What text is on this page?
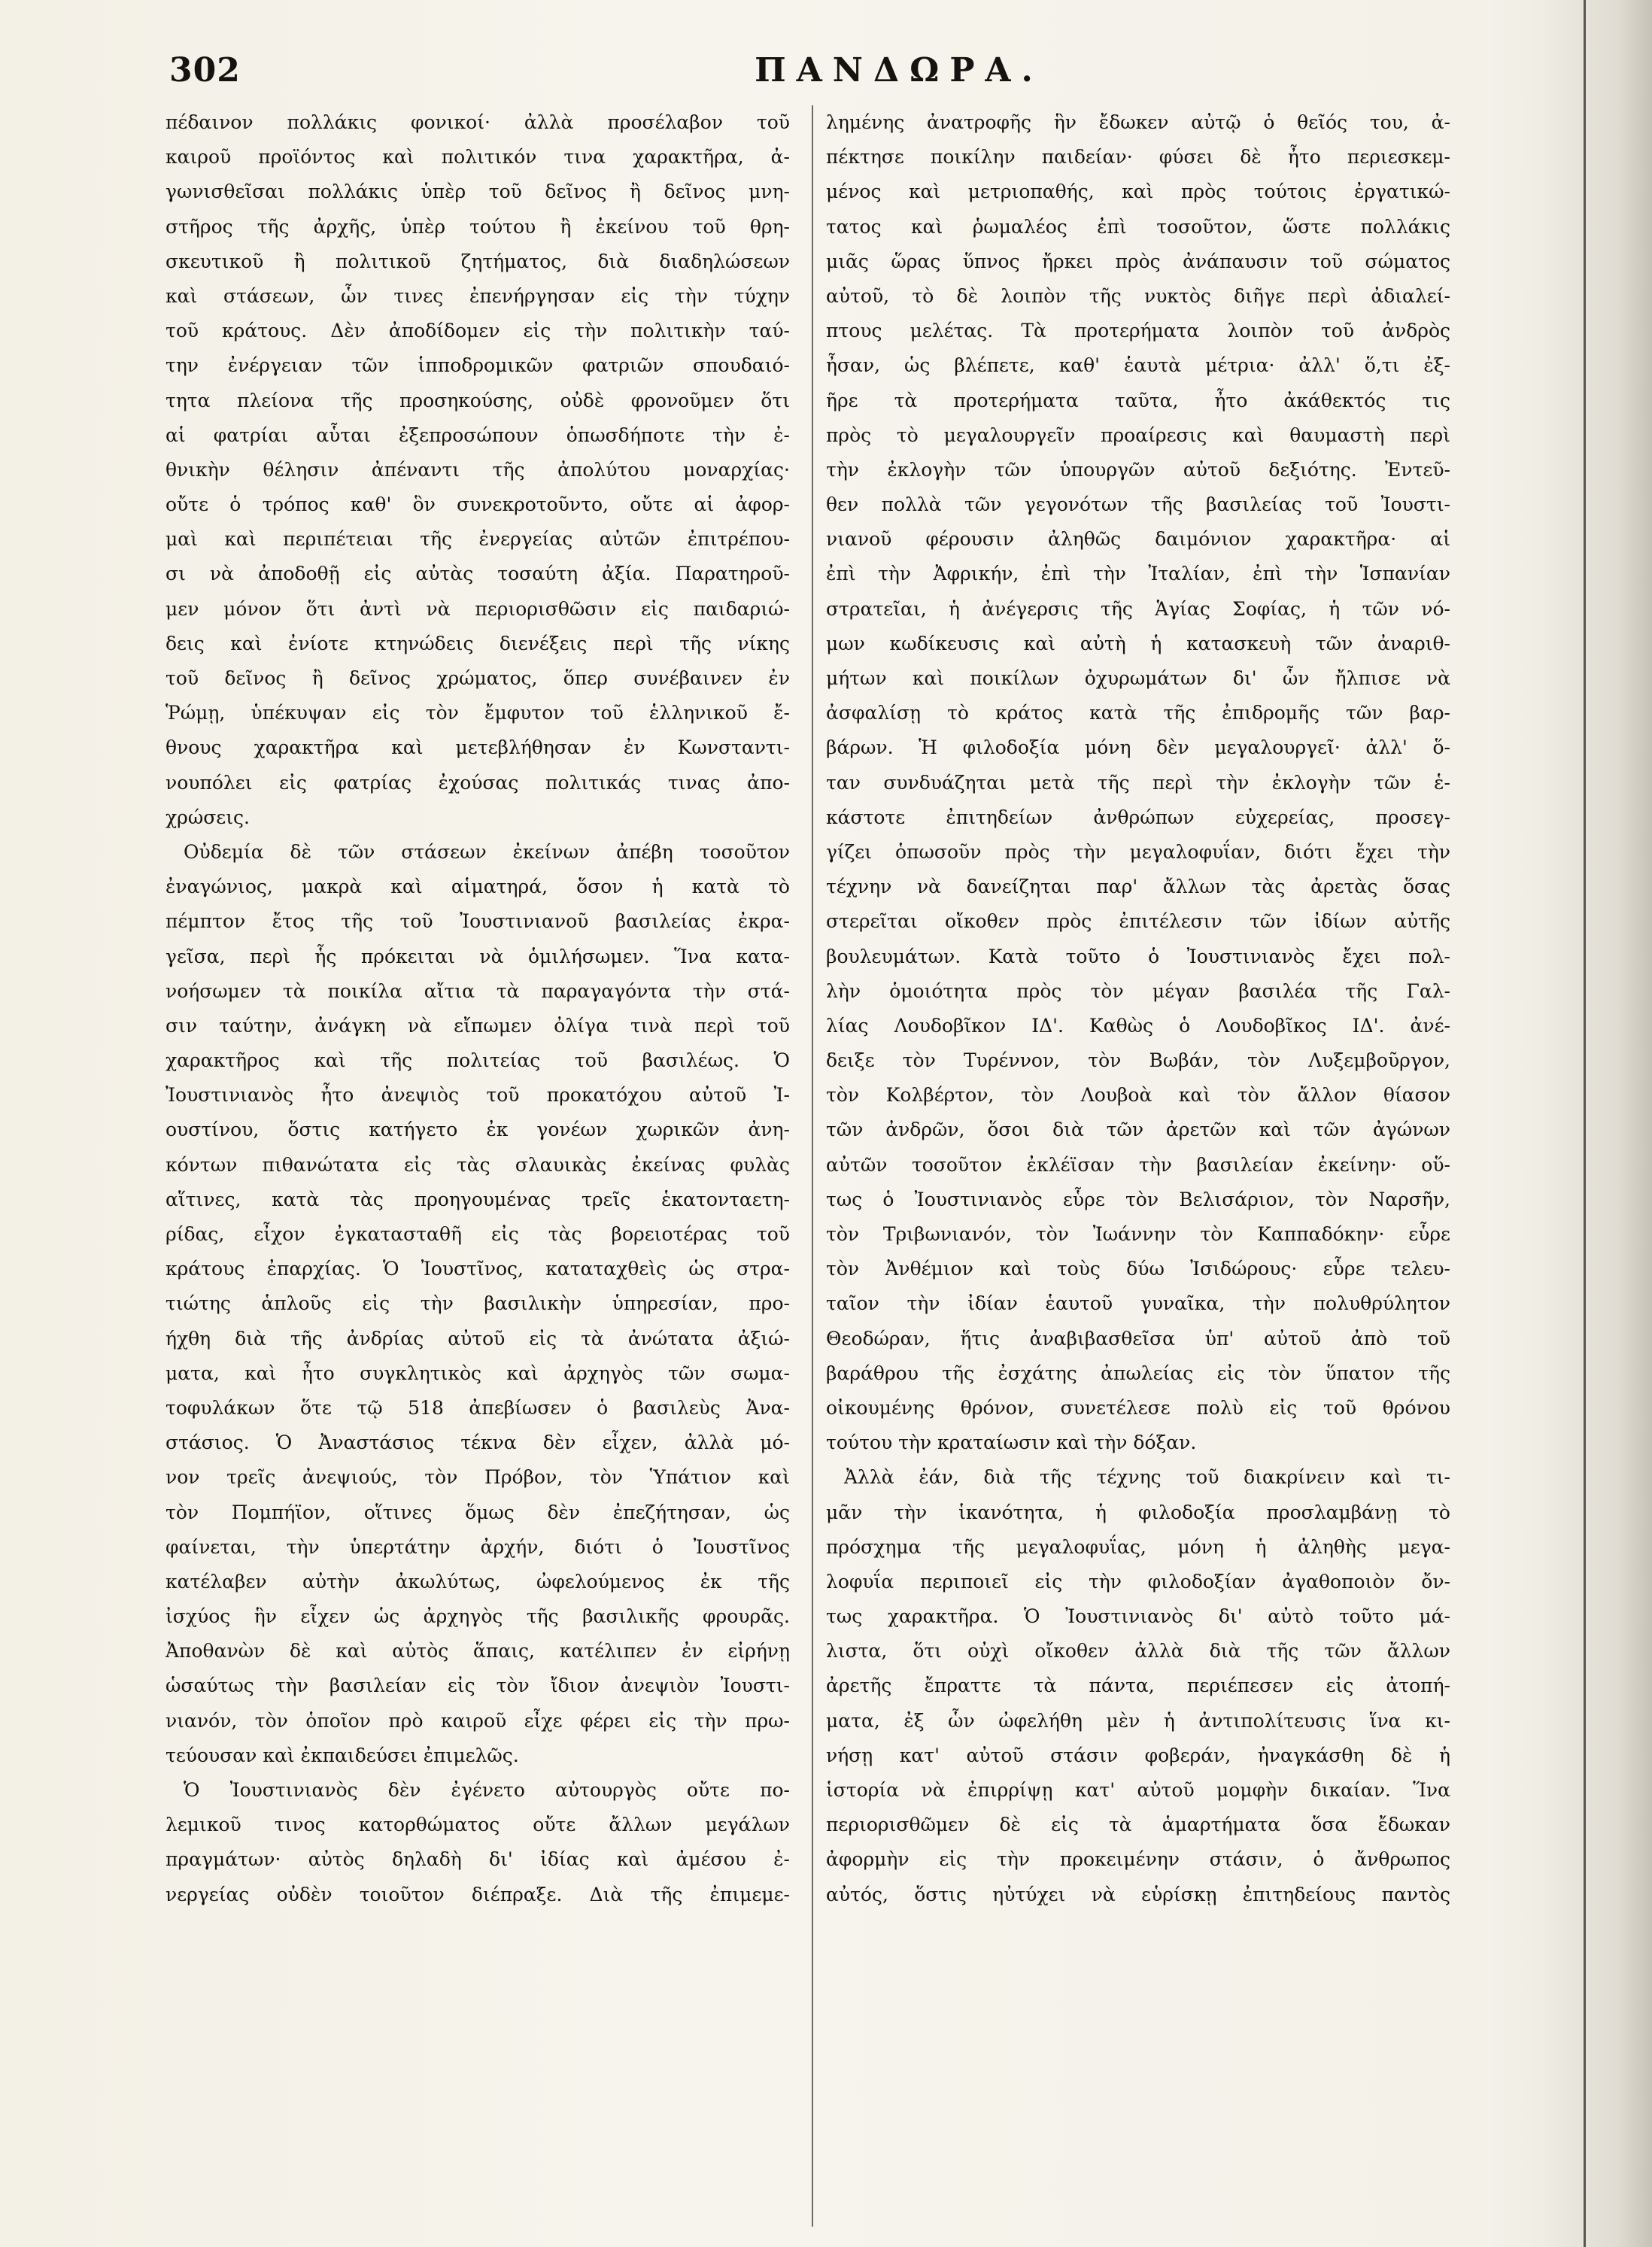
302	ΠΑΝΔΩΡΑ.
πέδαινον πολλάκις φονικοί· ἀλλὰ προσέλαβον τοῦ
καιροῦ προϊόντος καὶ πολιτικόν τινα χαρακτῆρα, ἀ-
γωνισθεῖσαι πολλάκις ὑπὲρ τοῦ δεῖνος ἢ δεῖνος μνη-
στῆρος τῆς ἀρχῆς, ὑπὲρ τούτου ἢ ἐκείνου τοῦ θρη-
σκευτικοῦ ἢ πολιτικοῦ ζητήματος, διὰ διαδηλώσεων
καὶ στάσεων, ὧν τινες ἐπενήργησαν εἰς τὴν τύχην
τοῦ κράτους. Δὲν ἀποδίδομεν εἰς τὴν πολιτικὴν ταύ-
την ἐνέργειαν τῶν ἱπποδρομικῶν φατριῶν σπουδαιό-
τητα πλείονα τῆς προσηκούσης, οὐδὲ φρονοῦμεν ὅτι
αἱ φατρίαι αὗται ἐξεπροσώπουν ὁπωσδήποτε τὴν ἐ-
θνικὴν θέλησιν ἀπέναντι τῆς ἀπολύτου μοναρχίας·
οὔτε ὁ τρόπος καθ' ὃν συνεκροτοῦντο, οὔτε αἱ ἀφορ-
μαὶ καὶ περιπέτειαι τῆς ἐνεργείας αὐτῶν ἐπιτρέπου-
σι νὰ ἀποδοθῇ εἰς αὐτὰς τοσαύτη ἀξία. Παρατηροῦ-
μεν μόνον ὅτι ἀντὶ νὰ περιορισθῶσιν εἰς παιδαριώ-
δεις καὶ ἐνίοτε κτηνώδεις διενέξεις περὶ τῆς νίκης
τοῦ δεῖνος ἢ δεῖνος χρώματος, ὅπερ συνέβαινεν ἐν
Ῥώμῃ, ὑπέκυψαν εἰς τὸν ἔμφυτον τοῦ ἑλληνικοῦ ἔ-
θνους χαρακτῆρα καὶ μετεβλήθησαν ἐν Κωνσταντι-
νουπόλει εἰς φατρίας ἐχούσας πολιτικάς τινας ἀπο-
χρώσεις.
Οὐδεμία δὲ τῶν στάσεων ἐκείνων ἀπέβη τοσοῦτον
ἐναγώνιος, μακρὰ καὶ αἱματηρά, ὅσον ἡ κατὰ τὸ
πέμπτον ἔτος τῆς τοῦ Ἰουστινιανοῦ βασιλείας ἐκρα-
γεῖσα, περὶ ἧς πρόκειται νὰ ὁμιλήσωμεν. Ἵνα κατα-
νοήσωμεν τὰ ποικίλα αἴτια τὰ παραγαγόντα τὴν στά-
σιν ταύτην, ἀνάγκη νὰ εἴπωμεν ὀλίγα τινὰ περὶ τοῦ
χαρακτῆρος καὶ τῆς πολιτείας τοῦ βασιλέως. Ὁ
Ἰουστινιανὸς ἦτο ἀνεψιὸς τοῦ προκατόχου αὐτοῦ Ἰ-
ουστίνου, ὅστις κατήγετο ἐκ γονέων χωρικῶν ἀνη-
κόντων πιθανώτατα εἰς τὰς σλαυικὰς ἐκείνας φυλὰς
αἵτινες, κατὰ τὰς προηγουμένας τρεῖς ἑκατονταετη-
ρίδας, εἶχον ἐγκατασταθῆ εἰς τὰς βορειοτέρας τοῦ
κράτους ἐπαρχίας. Ὁ Ἰουστῖνος, καταταχθεὶς ὡς στρα-
τιώτης ἁπλοῦς εἰς τὴν βασιλικὴν ὑπηρεσίαν, προ-
ήχθη διὰ τῆς ἀνδρίας αὐτοῦ εἰς τὰ ἀνώτατα ἀξιώ-
ματα, καὶ ἦτο συγκλητικὸς καὶ ἀρχηγὸς τῶν σωμα-
τοφυλάκων ὅτε τῷ 518 ἀπεβίωσεν ὁ βασιλεὺς Ἀνα-
στάσιος. Ὁ Ἀναστάσιος τέκνα δὲν εἶχεν, ἀλλὰ μό-
νον τρεῖς ἀνεψιούς, τὸν Πρόβον, τὸν Ὑπάτιον καὶ
τὸν Πομπήϊον, οἵτινες ὅμως δὲν ἐπεζήτησαν, ὡς
φαίνεται, τὴν ὑπερτάτην ἀρχήν, διότι ὁ Ἰουστῖνος
κατέλαβεν αὐτὴν ἀκωλύτως, ὠφελούμενος ἐκ τῆς
ἰσχύος ἣν εἶχεν ὡς ἀρχηγὸς τῆς βασιλικῆς φρουρᾶς.
Ἀποθανὼν δὲ καὶ αὐτὸς ἅπαις, κατέλιπεν ἐν εἰρήνῃ
ὡσαύτως τὴν βασιλείαν εἰς τὸν ἴδιον ἀνεψιὸν Ἰουστι-
νιανόν, τὸν ὁποῖον πρὸ καιροῦ εἶχε φέρει εἰς τὴν πρω-
τεύουσαν καὶ ἐκπαιδεύσει ἐπιμελῶς.
Ὁ Ἰουστινιανὸς δὲν ἐγένετο αὐτουργὸς οὔτε πο-
λεμικοῦ τινος κατορθώματος οὔτε ἄλλων μεγάλων
πραγμάτων· αὐτὸς δηλαδὴ δι' ἰδίας καὶ ἀμέσου ἐ-
νεργείας οὐδὲν τοιοῦτον διέπραξε. Διὰ τῆς ἐπιμεμε-
λημένης ἀνατροφῆς ἣν ἔδωκεν αὐτῷ ὁ θεῖός του, ἀ-
πέκτησε ποικίλην παιδείαν· φύσει δὲ ἦτο περιεσκεμ-
μένος καὶ μετριοπαθής, καὶ πρὸς τούτοις ἐργατικώ-
τατος καὶ ῥωμαλέος ἐπὶ τοσοῦτον, ὥστε πολλάκις
μιᾶς ὥρας ὕπνος ἤρκει πρὸς ἀνάπαυσιν τοῦ σώματος
αὐτοῦ, τὸ δὲ λοιπὸν τῆς νυκτὸς διῆγε περὶ ἀδιαλεί-
πτους μελέτας. Τὰ προτερήματα λοιπὸν τοῦ ἀνδρὸς
ἦσαν, ὡς βλέπετε, καθ' ἑαυτὰ μέτρια· ἀλλ' ὅ,τι ἐξ-
ῆρε τὰ προτερήματα ταῦτα, ἦτο ἀκάθεκτός τις
πρὸς τὸ μεγαλουργεῖν προαίρεσις καὶ θαυμαστὴ περὶ
τὴν ἐκλογὴν τῶν ὑπουργῶν αὐτοῦ δεξιότης. Ἐντεῦ-
θεν πολλὰ τῶν γεγονότων τῆς βασιλείας τοῦ Ἰουστι-
νιανοῦ φέρουσιν ἀληθῶς δαιμόνιον χαρακτῆρα· αἱ
ἐπὶ τὴν Ἀφρικήν, ἐπὶ τὴν Ἰταλίαν, ἐπὶ τὴν Ἱσπανίαν
στρατεῖαι, ἡ ἀνέγερσις τῆς Ἁγίας Σοφίας, ἡ τῶν νό-
μων κωδίκευσις καὶ αὐτὴ ἡ κατασκευὴ τῶν ἀναριθ-
μήτων καὶ ποικίλων ὀχυρωμάτων δι' ὧν ἤλπισε νὰ
ἀσφαλίσῃ τὸ κράτος κατὰ τῆς ἐπιδρομῆς τῶν βαρ-
βάρων. Ἡ φιλοδοξία μόνη δὲν μεγαλουργεῖ· ἀλλ' ὅ-
ταν συνδυάζηται μετὰ τῆς περὶ τὴν ἐκλογὴν τῶν ἑ-
κάστοτε ἐπιτηδείων ἀνθρώπων εὐχερείας, προσεγ-
γίζει ὁπωσοῦν πρὸς τὴν μεγαλοφυΐαν, διότι ἔχει τὴν
τέχνην νὰ δανείζηται παρ' ἄλλων τὰς ἀρετὰς ὅσας
στερεῖται οἴκοθεν πρὸς ἐπιτέλεσιν τῶν ἰδίων αὐτῆς
βουλευμάτων. Κατὰ τοῦτο ὁ Ἰουστινιανὸς ἔχει πολ-
λὴν ὁμοιότητα πρὸς τὸν μέγαν βασιλέα τῆς Γαλ-
λίας Λουδοβῖκον ΙΔ'. Καθὼς ὁ Λουδοβῖκος ΙΔ'. ἀνέ-
δειξε τὸν Τυρέννον, τὸν Βωβάν, τὸν Λυξεμβοῦργον,
τὸν Κολβέρτον, τὸν Λουβοὰ καὶ τὸν ἄλλον θίασον
τῶν ἀνδρῶν, ὅσοι διὰ τῶν ἀρετῶν καὶ τῶν ἀγώνων
αὐτῶν τοσοῦτον ἐκλέϊσαν τὴν βασιλείαν ἐκείνην· οὕ-
τως ὁ Ἰουστινιανὸς εὗρε τὸν Βελισάριον, τὸν Ναρσῆν,
τὸν Τριβωνιανόν, τὸν Ἰωάννην τὸν Καππαδόκην· εὗρε
τὸν Ἀνθέμιον καὶ τοὺς δύω Ἰσιδώρους· εὗρε τελευ-
ταῖον τὴν ἰδίαν ἑαυτοῦ γυναῖκα, τὴν πολυθρύλητον
Θεοδώραν, ἥτις ἀναβιβασθεῖσα ὑπ' αὐτοῦ ἀπὸ τοῦ
βαράθρου τῆς ἐσχάτης ἀπωλείας εἰς τὸν ὕπατον τῆς
οἰκουμένης θρόνον, συνετέλεσε πολὺ εἰς τοῦ θρόνου
τούτου τὴν κραταίωσιν καὶ τὴν δόξαν.
Ἀλλὰ ἐάν, διὰ τῆς τέχνης τοῦ διακρίνειν καὶ τι-
μᾶν τὴν ἱκανότητα, ἡ φιλοδοξία προσλαμβάνῃ τὸ
πρόσχημα τῆς μεγαλοφυΐας, μόνη ἡ ἀληθὴς μεγα-
λοφυΐα περιποιεῖ εἰς τὴν φιλοδοξίαν ἀγαθοποιὸν ὄν-
τως χαρακτῆρα. Ὁ Ἰουστινιανὸς δι' αὐτὸ τοῦτο μά-
λιστα, ὅτι οὐχὶ οἴκοθεν ἀλλὰ διὰ τῆς τῶν ἄλλων
ἀρετῆς ἔπραττε τὰ πάντα, περιέπεσεν εἰς ἀτοπή-
ματα, ἐξ ὧν ὠφελήθη μὲν ἡ ἀντιπολίτευσις ἵνα κι-
νήσῃ κατ' αὐτοῦ στάσιν φοβεράν, ἠναγκάσθη δὲ ἡ
ἱστορία νὰ ἐπιρρίψῃ κατ' αὐτοῦ μομφὴν δικαίαν. Ἵνα
περιορισθῶμεν δὲ εἰς τὰ ἁμαρτήματα ὅσα ἔδωκαν
ἀφορμὴν εἰς τὴν προκειμένην στάσιν, ὁ ἄνθρωπος
αὐτός, ὅστις ηὐτύχει νὰ εὑρίσκῃ ἐπιτηδείους παντὸς
